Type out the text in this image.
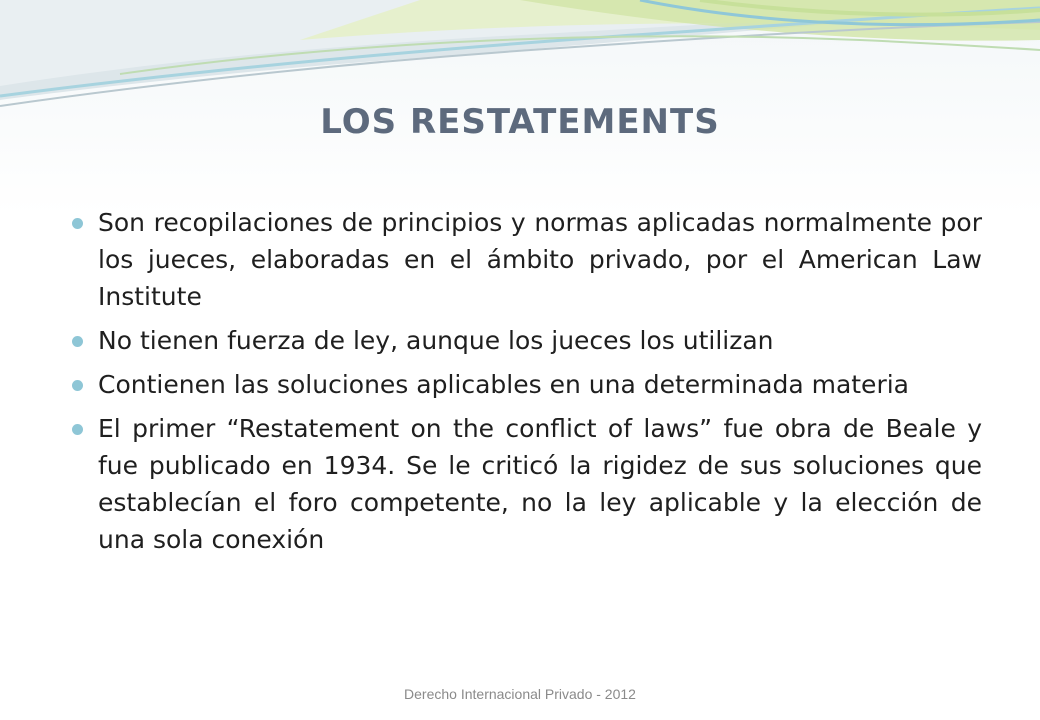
LOS RESTATEMENTS
Son recopilaciones de principios y normas aplicadas normalmente por los jueces, elaboradas en el ámbito privado, por el American Law Institute
No tienen fuerza de ley, aunque los jueces los utilizan
Contienen las soluciones aplicables en una determinada materia
El primer “Restatement on the conflict of laws” fue obra de Beale y fue publicado en 1934. Se le criticó la rigidez de sus soluciones que establecían el foro competente, no la ley aplicable y la elección de una sola conexión
Derecho Internacional Privado - 2012
